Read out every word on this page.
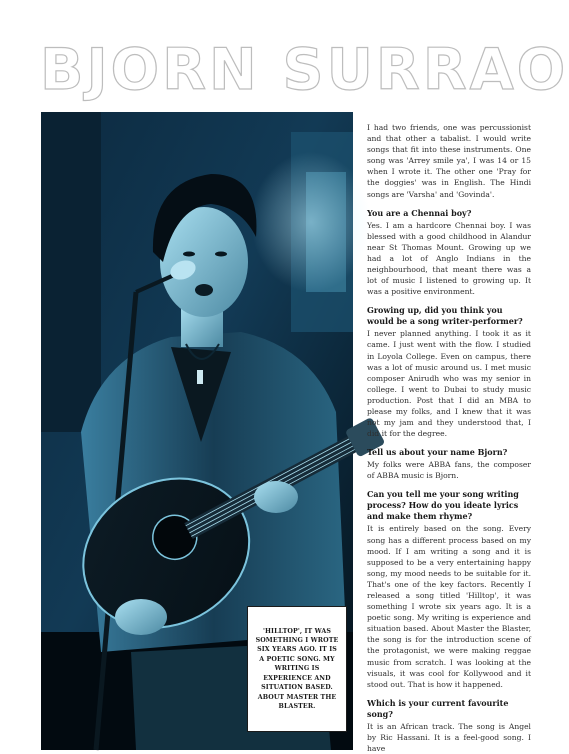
BJORN SURRAO

'HILLTOP', IT WAS SOMETHING I WROTE SIX YEARS AGO. IT IS A POETIC SONG. MY WRITING IS EXPERIENCE AND SITUATION BASED. ABOUT MASTER THE BLASTER.

I had two friends, one was percussionist and that other a tabalist. I would write songs that fit into these instruments. One song was 'Arrey smile ya', I was 14 or 15 when I wrote it. The other one 'Pray for the doggies' was in English. The Hindi songs are 'Varsha' and 'Govinda'.

You are a Chennai boy?

Yes. I am a hardcore Chennai boy. I was blessed with a good childhood in Alandur near St Thomas Mount. Growing up we had a lot of Anglo Indians in the neighbourhood, that meant there was a lot of music I listened to growing up. It was a positive environment.

Growing up, did you think you would be a song writer-performer?

I never planned anything. I took it as it came. I just went with the flow. I studied in Loyola College. Even on campus, there was a lot of music around us. I met music composer Anirudh who was my senior in college. I went to Dubai to study music production. Post that I did an MBA to please my folks, and I knew that it was not my jam and they understood that, I did it for the degree.

Tell us about your name Bjorn?

My folks were ABBA fans, the composer of ABBA music is Bjorn.

Can you tell me your song writing process? How do you ideate lyrics and make them rhyme?

It is entirely based on the song. Every song has a different process based on my mood. If I am writing a song and it is supposed to be a very entertaining happy song, my mood needs to be suitable for it. That's one of the key factors. Recently I released a song titled 'Hilltop', it was something I wrote six years ago. It is a poetic song. My writing is experience and situation based. About Master the Blaster, the song is for the introduction scene of the protagonist, we were making reggae music from scratch. I was looking at the visuals, it was cool for Kollywood and it stood out. That is how it happened.

Which is your current favourite song?

It is an African track. The song is Angel by Ric Hassani. It is a feel-good song. I have
